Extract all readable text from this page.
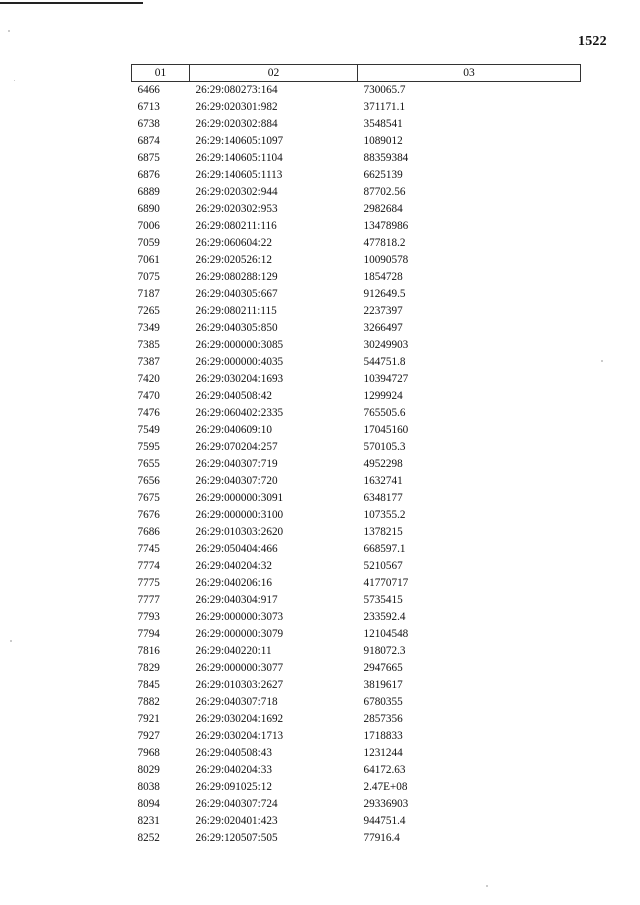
1522
01	02	03
6466	26:29:080273:164	730065.7
6713	26:29:020301:982	371171.1
6738	26:29:020302:884	3548541
6874	26:29:140605:1097	1089012
6875	26:29:140605:1104	88359384
6876	26:29:140605:1113	6625139
6889	26:29:020302:944	87702.56
6890	26:29:020302:953	2982684
7006	26:29:080211:116	13478986
7059	26:29:060604:22	477818.2
7061	26:29:020526:12	10090578
7075	26:29:080288:129	1854728
7187	26:29:040305:667	912649.5
7265	26:29:080211:115	2237397
7349	26:29:040305:850	3266497
7385	26:29:000000:3085	30249903
7387	26:29:000000:4035	544751.8
7420	26:29:030204:1693	10394727
7470	26:29:040508:42	1299924
7476	26:29:060402:2335	765505.6
7549	26:29:040609:10	17045160
7595	26:29:070204:257	570105.3
7655	26:29:040307:719	4952298
7656	26:29:040307:720	1632741
7675	26:29:000000:3091	6348177
7676	26:29:000000:3100	107355.2
7686	26:29:010303:2620	1378215
7745	26:29:050404:466	668597.1
7774	26:29:040204:32	5210567
7775	26:29:040206:16	41770717
7777	26:29:040304:917	5735415
7793	26:29:000000:3073	233592.4
7794	26:29:000000:3079	12104548
7816	26:29:040220:11	918072.3
7829	26:29:000000:3077	2947665
7845	26:29:010303:2627	3819617
7882	26:29:040307:718	6780355
7921	26:29:030204:1692	2857356
7927	26:29:030204:1713	1718833
7968	26:29:040508:43	1231244
8029	26:29:040204:33	64172.63
8038	26:29:091025:12	2.47E+08
8094	26:29:040307:724	29336903
8231	26:29:020401:423	944751.4
8252	26:29:120507:505	77916.4
